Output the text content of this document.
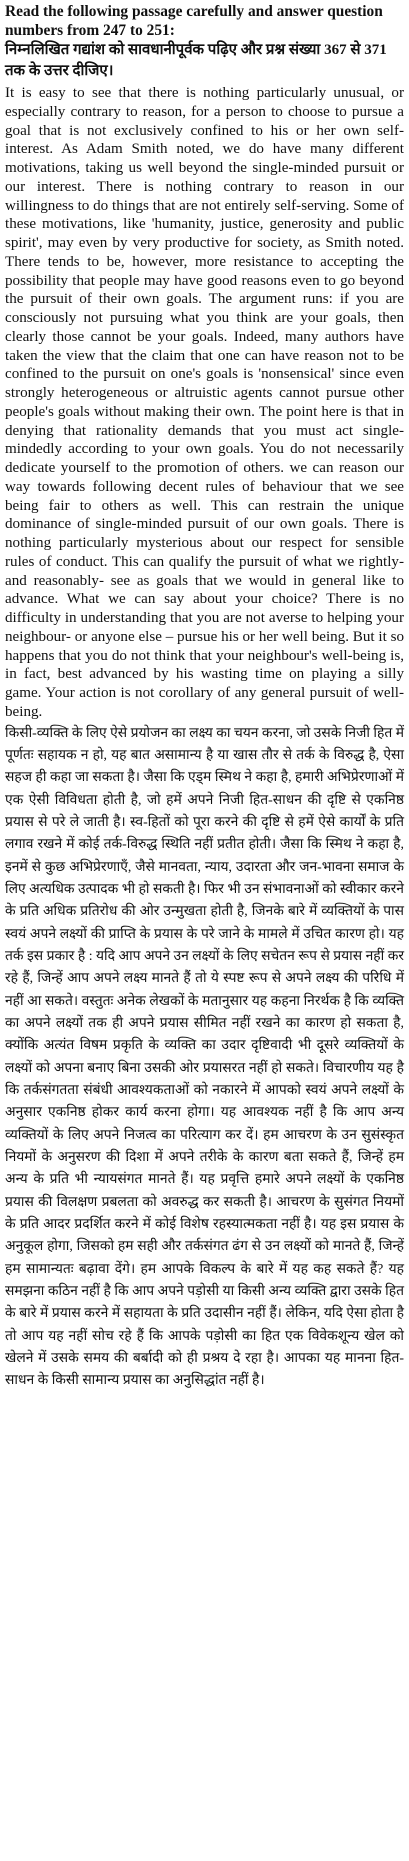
Read the following passage carefully and answer question numbers from 247 to 251:

निम्नलिखित गद्यांश को सावधानीपूर्वक पढ़िए और प्रश्न संख्या 367 से 371 तक के उत्तर दीजिए।

It is easy to see that there is nothing particularly unusual, or especially contrary to reason, for a person to choose to pursue a goal that is not exclusively confined to his or her own self-interest. As Adam Smith noted, we do have many different motivations, taking us well beyond the single-minded pursuit or our interest. There is nothing contrary to reason in our willingness to do things that are not entirely self-serving. Some of these motivations, like 'humanity, justice, generosity and public spirit', may even by very productive for society, as Smith noted. There tends to be, however, more resistance to accepting the possibility that people may have good reasons even to go beyond the pursuit of their own goals. The argument runs: if you are consciously not pursuing what you think are your goals, then clearly those cannot be your goals. Indeed, many authors have taken the view that the claim that one can have reason not to be confined to the pursuit on one's goals is 'nonsensical' since even strongly heterogeneous or altruistic agents cannot pursue other people's goals without making their own. The point here is that in denying that rationality demands that you must act single- mindedly according to your own goals. You do not necessarily dedicate yourself to the promotion of others. we can reason our way towards following decent rules of behaviour that we see being fair to others as well. This can restrain the unique dominance of single-minded pursuit of our own goals. There is nothing particularly mysterious about our respect for sensible rules of conduct. This can qualify the pursuit of what we rightly- and reasonably- see as goals that we would in general like to advance. What we can say about your choice? There is no difficulty in understanding that you are not averse to helping your neighbour- or anyone else – pursue his or her well being. But it so happens that you do not think that your neighbour's well-being is, in fact, best advanced by his wasting time on playing a silly game. Your action is not corollary of any general pursuit of well-being.

किसी-व्यक्ति के लिए ऐसे प्रयोजन का लक्ष्य का चयन करना, जो उसके निजी हित में पूर्णतः सहायक न हो, यह बात असामान्य है या खास तौर से तर्क के विरुद्ध है, ऐसा सहज ही कहा जा सकता है। जैसा कि एड्म स्मिथ ने कहा है, हमारी अभिप्रेरणाओं में एक ऐसी विविधता होती है, जो हमें अपने निजी हित-साधन की दृष्टि से एकनिष्ठ प्रयास से परे ले जाती है। स्व-हितों को पूरा करने की दृष्टि से हमें ऐसे कार्यों के प्रति लगाव रखने में कोई तर्क-विरुद्ध स्थिति नहीं प्रतीत होती। जैसा कि स्मिथ ने कहा है, इनमें से कुछ अभिप्रेरणाएँ, जैसे मानवता, न्याय, उदारता और जन-भावना समाज के लिए अत्यधिक उत्पादक भी हो सकती है। फिर भी उन संभावनाओं को स्वीकार करने के प्रति अधिक प्रतिरोध की ओर उन्मुखता होती है, जिनके बारे में व्यक्तियों के पास स्वयं अपने लक्ष्यों की प्राप्ति के प्रयास के परे जाने के मामले में उचित कारण हो। यह तर्क इस प्रकार है : यदि आप अपने उन लक्ष्यों के लिए सचेतन रूप से प्रयास नहीं कर रहे हैं, जिन्हें आप अपने लक्ष्य मानते हैं तो ये स्पष्ट रूप से अपने लक्ष्य की परिधि में नहीं आ सकते। वस्तुतः अनेक लेखकों के मतानुसार यह कहना निरर्थक है कि व्यक्ति का अपने लक्ष्यों तक ही अपने प्रयास सीमित नहीं रखने का कारण हो सकता है, क्योंकि अत्यंत विषम प्रकृति के व्यक्ति का उदार दृष्टिवादी भी दूसरे व्यक्तियों के लक्ष्यों को अपना बनाए बिना उसकी ओर प्रयासरत नहीं हो सकते। विचारणीय यह है कि तर्कसंगतता संबंधी आवश्यकताओं को नकारने में आपको स्वयं अपने लक्ष्यों के अनुसार एकनिष्ठ होकर कार्य करना होगा। यह आवश्यक नहीं है कि आप अन्य व्यक्तियों के लिए अपने निजत्व का परित्याग कर दें। हम आचरण के उन सुसंस्कृत नियमों के अनुसरण की दिशा में अपने तरीके के कारण बता सकते हैं, जिन्हें हम अन्य के प्रति भी न्यायसंगत मानते हैं। यह प्रवृत्ति हमारे अपने लक्ष्यों के एकनिष्ठ प्रयास की विलक्षण प्रबलता को अवरुद्ध कर सकती है। आचरण के सुसंगत नियमों के प्रति आदर प्रदर्शित करने में कोई विशेष रहस्यात्मकता नहीं है। यह इस प्रयास के अनुकूल होगा, जिसको हम सही और तर्कसंगत ढंग से उन लक्ष्यों को मानते हैं, जिन्हें हम सामान्यतः बढ़ावा देंगे। हम आपके विकल्प के बारे में यह कह सकते हैं? यह समझना कठिन नहीं है कि आप अपने पड़ोसी या किसी अन्य व्यक्ति द्वारा उसके हित के बारे में प्रयास करने में सहायता के प्रति उदासीन नहीं हैं। लेकिन, यदि ऐसा होता है तो आप यह नहीं सोच रहे हैं कि आपके पड़ोसी का हित एक विवेकशून्य खेल को खेलने में उसके समय की बर्बादी को ही प्रश्रय दे रहा है। आपका यह मानना हित-साधन के किसी सामान्य प्रयास का अनुसिद्धांत नहीं है।
